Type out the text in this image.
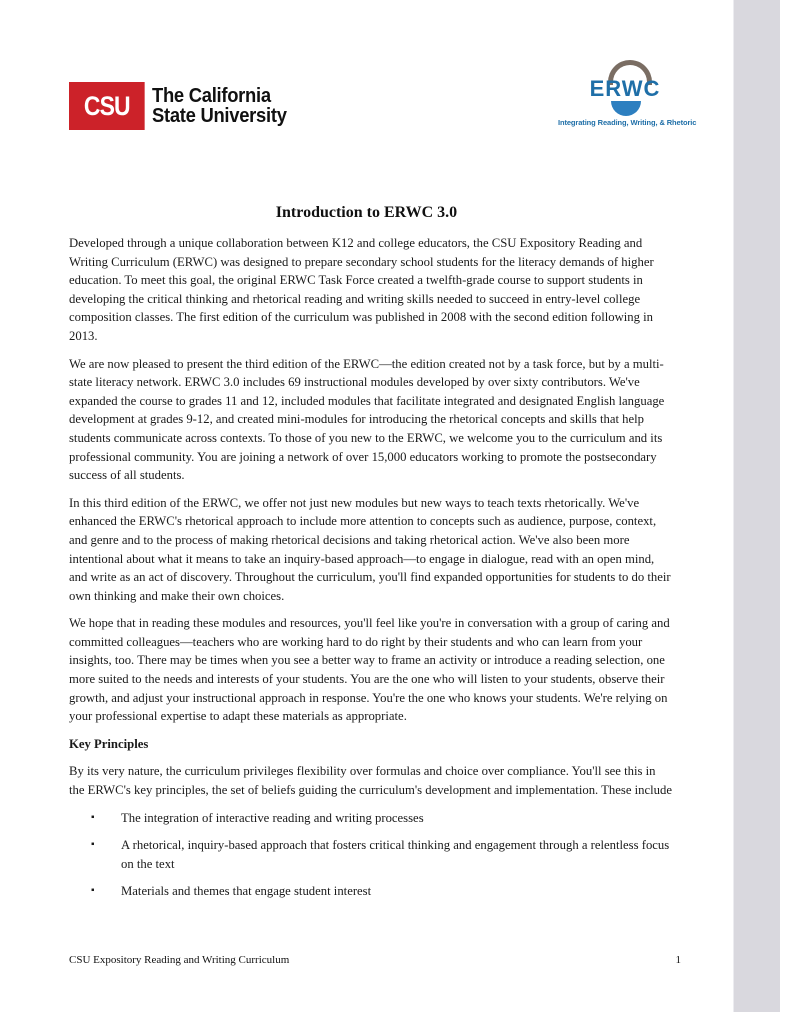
CSU	The California
State University
ERWC
Integrating Reading, Writing, & Rhetoric
Introduction to ERWC 3.0

Developed through a unique collaboration between K12 and college educators, the CSU Expository Reading and Writing Curriculum (ERWC) was designed to prepare secondary school students for the literacy demands of higher education. To meet this goal, the original ERWC Task Force created a twelfth-grade course to support students in developing the critical thinking and rhetorical reading and writing skills needed to succeed in entry-level college composition classes. The first edition of the curriculum was published in 2008 with the second edition following in 2013.

We are now pleased to present the third edition of the ERWC—the edition created not by a task force, but by a multi-state literacy network. ERWC 3.0 includes 69 instructional modules developed by over sixty contributors. We've expanded the course to grades 11 and 12, included modules that facilitate integrated and designated English language development at grades 9-12, and created mini-modules for introducing the rhetorical concepts and skills that help students communicate across contexts. To those of you new to the ERWC, we welcome you to the curriculum and its professional community. You are joining a network of over 15,000 educators working to promote the postsecondary success of all students.

In this third edition of the ERWC, we offer not just new modules but new ways to teach texts rhetorically. We've enhanced the ERWC's rhetorical approach to include more attention to concepts such as audience, purpose, context, and genre and to the process of making rhetorical decisions and taking rhetorical action. We've also been more intentional about what it means to take an inquiry-based approach—to engage in dialogue, read with an open mind, and write as an act of discovery. Throughout the curriculum, you'll find expanded opportunities for students to do their own thinking and make their own choices.

We hope that in reading these modules and resources, you'll feel like you're in conversation with a group of caring and committed colleagues—teachers who are working hard to do right by their students and who can learn from your insights, too. There may be times when you see a better way to frame an activity or introduce a reading selection, one more suited to the needs and interests of your students. You are the one who will listen to your students, observe their growth, and adjust your instructional approach in response. You're the one who knows your students. We're relying on your professional expertise to adapt these materials as appropriate.

Key Principles

By its very nature, the curriculum privileges flexibility over formulas and choice over compliance. You'll see this in the ERWC's key principles, the set of beliefs guiding the curriculum's development and implementation. These include

▪ The integration of interactive reading and writing processes
▪ A rhetorical, inquiry-based approach that fosters critical thinking and engagement through a relentless focus on the text
▪ Materials and themes that engage student interest
CSU Expository Reading and Writing Curriculum	1
